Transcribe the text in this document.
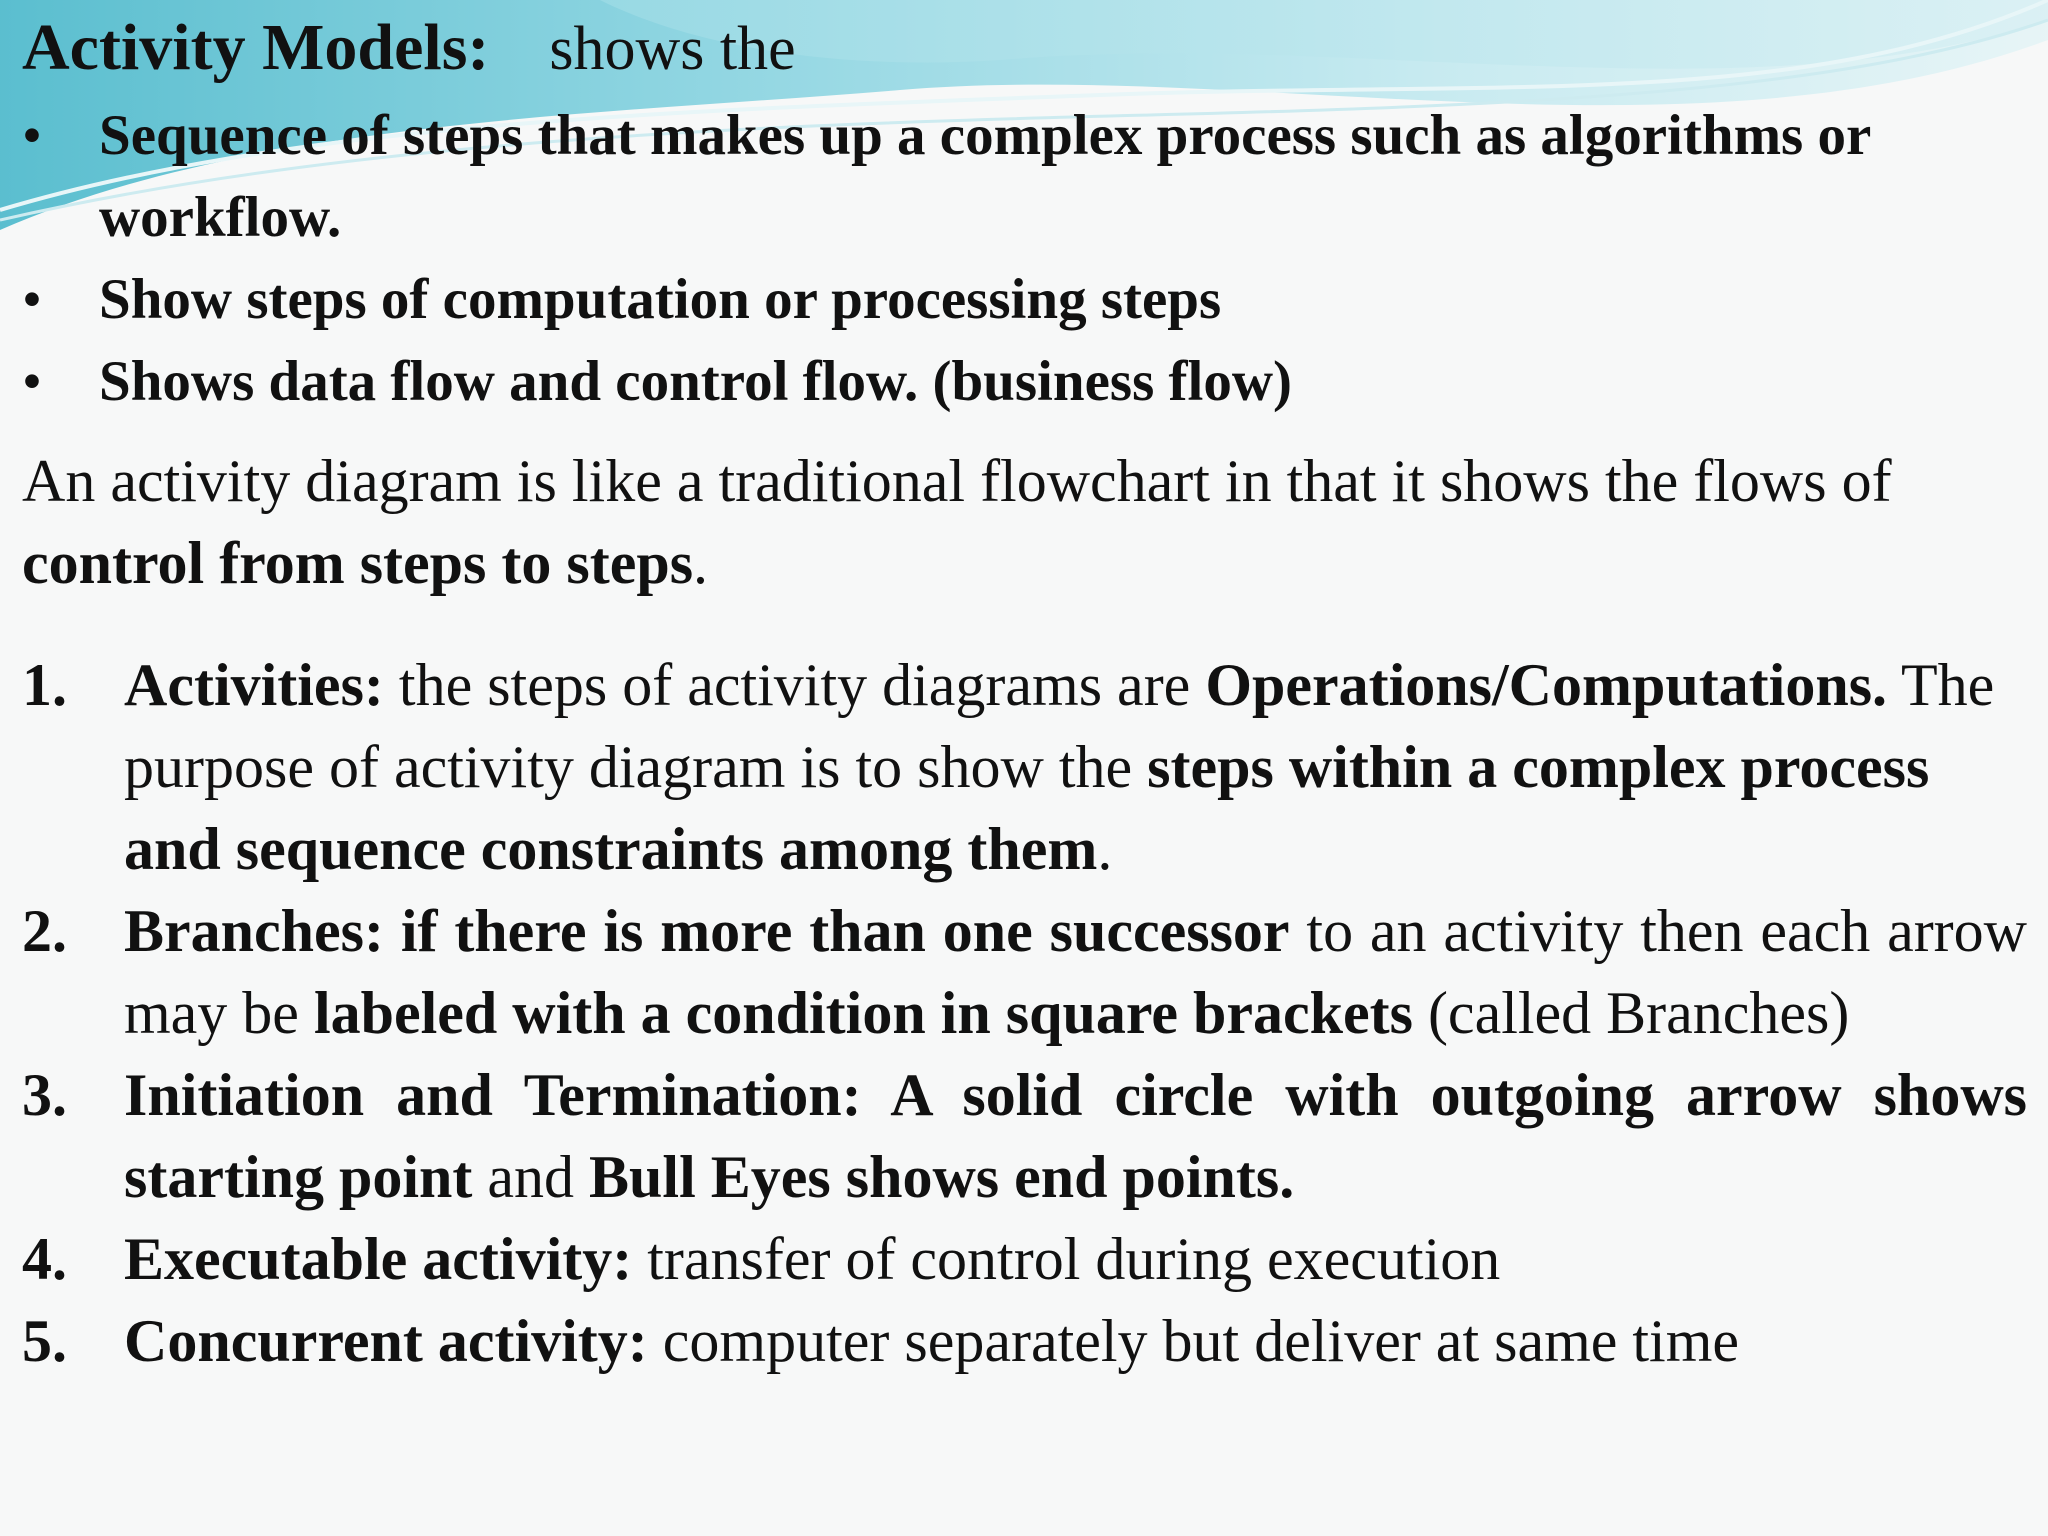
Activity Models: shows the
• Sequence of steps that makes up a complex process such as algorithms or workflow.
• Show steps of computation or processing steps
• Shows data flow and control flow. (business flow)
An activity diagram is like a traditional flowchart in that it shows the flows of control from steps to steps.
1. Activities: the steps of activity diagrams are Operations/Computations. The purpose of activity diagram is to show the steps within a complex process and sequence constraints among them.
2. Branches: if there is more than one successor to an activity then each arrow may be labeled with a condition in square brackets (called Branches)
3. Initiation and Termination: A solid circle with outgoing arrow shows starting point and Bull Eyes shows end points.
4. Executable activity: transfer of control during execution
5. Concurrent activity: computer separately but deliver at same time
